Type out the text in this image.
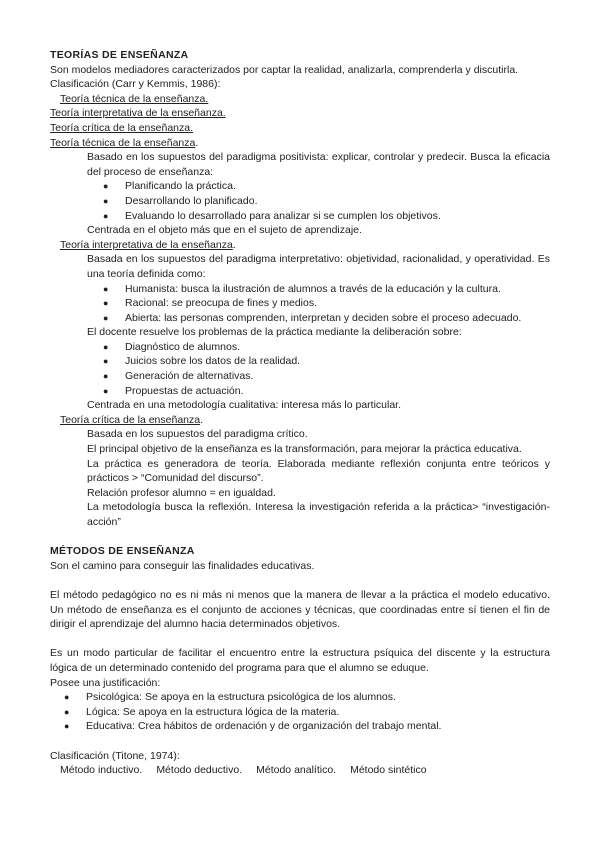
TEORÍAS DE ENSEÑANZA

Son modelos mediadores caracterizados por captar la realidad, analizarla, comprenderla y discutirla.

Clasificación (Carr y Kemmis, 1986):

Teoría técnica de la enseñanza.

Teoría interpretativa de la enseñanza.

Teoría crítica de la enseñanza.

Teoría técnica de la enseñanza.

Basado en los supuestos del paradigma positivista: explicar, controlar y predecir. Busca la eficacia del proceso de enseñanza:

● Planificando la práctica.
● Desarrollando lo planificado.
● Evaluando lo desarrollado para analizar si se cumplen los objetivos.

Centrada en el objeto más que en el sujeto de aprendizaje.

Teoría interpretativa de la enseñanza.

Basada en los supuestos del paradigma interpretativo: objetividad, racionalidad, y operatividad. Es una teoría definida como:

● Humanista: busca la ilustración de alumnos a través de la educación y la cultura.
● Racional: se preocupa de fines y medios.
● Abierta: las personas comprenden, interpretan y deciden sobre el proceso adecuado.

El docente resuelve los problemas de la práctica mediante la deliberación sobre:

● Diagnóstico de alumnos.
● Juicios sobre los datos de la realidad.
● Generación de alternativas.
● Propuestas de actuación.

Centrada en una metodología cualitativa: interesa más lo particular.

Teoría crítica de la enseñanza.

Basada en los supuestos del paradigma crítico.

El principal objetivo de la enseñanza es la transformación, para mejorar la práctica educativa.

La práctica es generadora de teoría. Elaborada mediante reflexión conjunta entre teóricos y prácticos > “Comunidad del discurso”.

Relación profesor alumno = en igualdad.

La metodología busca la reflexión. Interesa la investigación referida a la práctica> “investigación-acción”

MÉTODOS DE ENSEÑANZA

Son el camino para conseguir las finalidades educativas.

El método pedagógico no es ni más ni menos que la manera de llevar a la práctica el modelo educativo. Un método de enseñanza es el conjunto de acciones y técnicas, que coordinadas entre sí tienen el fin de dirigir el aprendizaje del alumno hacia determinados objetivos.

Es un modo particular de facilitar el encuentro entre la estructura psíquica del discente y la estructura lógica de un determinado contenido del programa para que el alumno se eduque.

Posee una justificación:

● Psicológica: Se apoya en la estructura psicológica de los alumnos.
● Lógica: Se apoya en la estructura lógica de la materia.
● Educativa: Crea hábitos de ordenación y de organización del trabajo mental.

Clasificación (Titone, 1974):

Método inductivo. Método deductivo. Método analítico. Método sintético
